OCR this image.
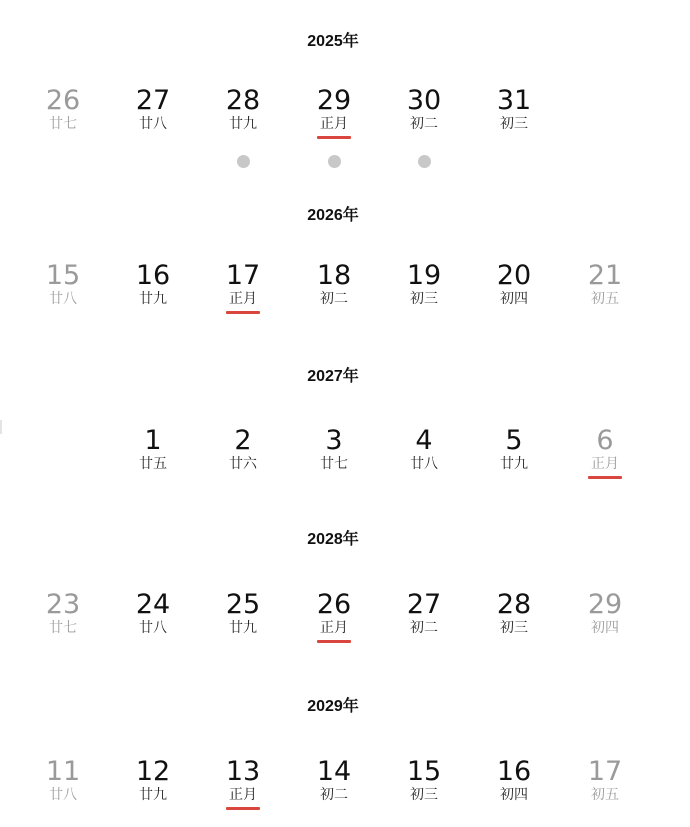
2025年
26
廿七
27
廿八
28
廿九
29
正月
30
初二
31
初三
2026年
15
廿八
16
廿九
17
正月
18
初二
19
初三
20
初四
21
初五
2027年
1
廿五
2
廿六
3
廿七
4
廿八
5
廿九
6
正月
2028年
23
廿七
24
廿八
25
廿九
26
正月
27
初二
28
初三
29
初四
2029年
11
廿八
12
廿九
13
正月
14
初二
15
初三
16
初四
17
初五
